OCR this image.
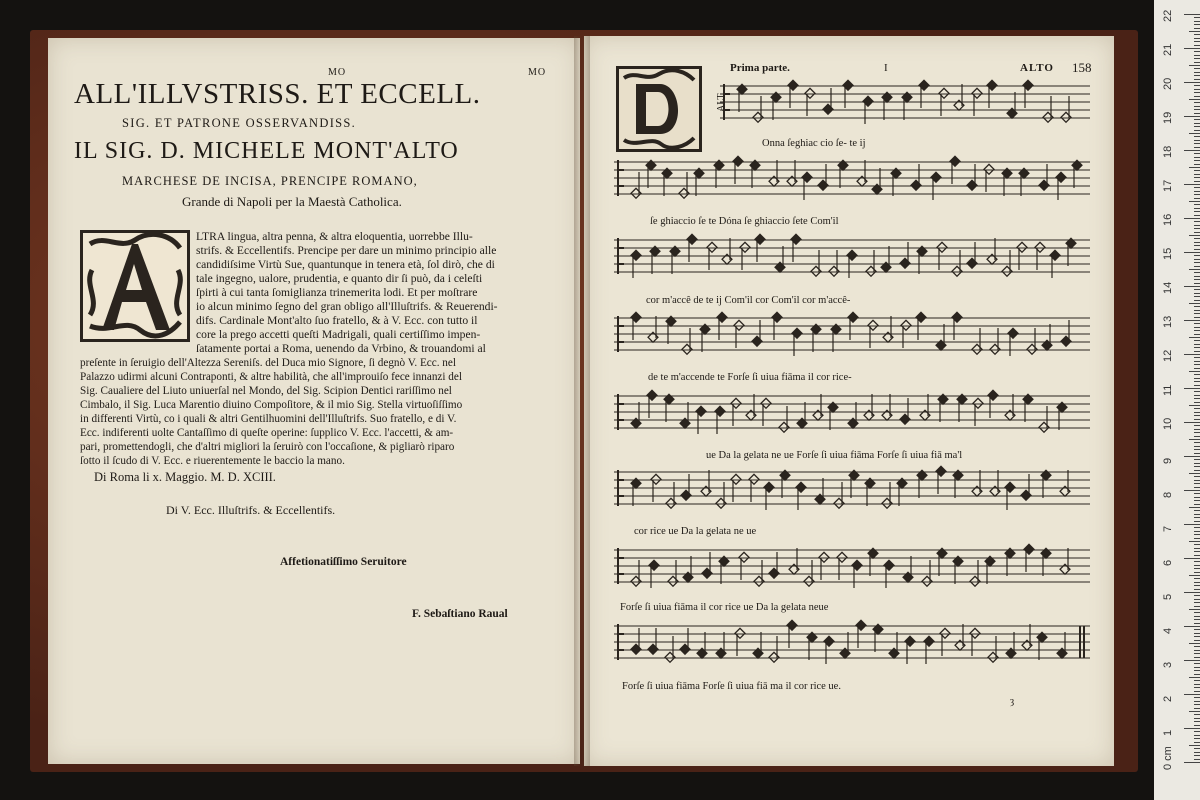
MO	MO
ALL'ILLVSTRISS. ET ECCELL.
SIG. ET PATRONE OSSERVANDISS.
IL SIG. D. MICHELE MONT'ALTO
MARCHESE DE INCISA, PRENCIPE ROMANO,
Grande di Napoli per la Maestà Catholica.
LTRA lingua, altra penna, & altra eloquentia, uorrebbe Illu-
strifs. & Eccellentifs. Prencipe per dare un minimo principio alle
candidiſsime Virtù Sue, quantunque in tenera età, ſol dirò, che di
tale ingegno, ualore, prudentia, e quanto dir ſi può, da i celeſti
ſpirti à cui tanta ſomiglianza trinemerita lodi. Et per moſtrare
io alcun minimo ſegno del gran obligo all'Illuſtrifs. & Reuerendi-
difs. Cardinale Mont'alto ſuo fratello, & à V. Ecc. con tutto il
core la prego accetti queſti Madrigali, quali certiſſimo impen-
ſatamente portai a Roma, uenendo da Vrbino, & trouandomi al
preſente in ſeruigio dell'Altezza Sereniſs. del Duca mio Signore, ſi degnò V. Ecc. nel
Palazzo udirmi alcuni Contraponti, & altre habilità, che all'improuiſo fece innanzi del
Sig. Caualiere del Liuto uniuerſal nel Mondo, del Sig. Scipion Dentici rariſſimo nel
Cimbalo, il Sig. Luca Marentio diuino Compoſitore, & il mio Sig. Stella virtuoſiſſimo
in differenti Virtù, co i quali & altri Gentilhuomini dell'Illuſtrifs. Suo fratello, e di V.
Ecc. indiferenti uolte Cantaſſimo di queſte operine: ſupplico V. Ecc. l'accetti, & am-
pari, promettendogli, che d'altri migliori la ſeruirò con l'occaſione, & pigliarò riparo
ſotto il ſcudo di V. Ecc. e riuerentemente le baccio la mano.
Di Roma li x. Maggio. M. D. XCIII.
Di V. Ecc. Illuſtrifs. & Eccellentifs.
Affetionatiſſimo Seruitore
F. Sebaſtiano Raual
Prima parte.	I	ALTO 158
ALT
Onna ſeghiac cio ſe- te ij
ſe ghiaccio ſe te Dóna ſe ghiaccio ſete Com'il
cor m'accê de te ij Com'il cor Com'il cor m'accê-
de te m'accende te Forſe ſi uiua fiāma il cor rice-
ue Da la gelata ne ue Forſe ſi uiua fiāma Forſe ſi uiua fiā ma'l
cor rice ue Da la gelata ne ue
Forſe ſi uiua fiāma il cor rice ue Da la gelata neue
Forſe ſi uiua fiāma Forſe ſi uiua fiā ma il cor rice ue.
ȝ
0 cm
1
2
3
4
5
6
7
8
9
10
11
12
13
14
15
16
17
18
19
20
21
22
